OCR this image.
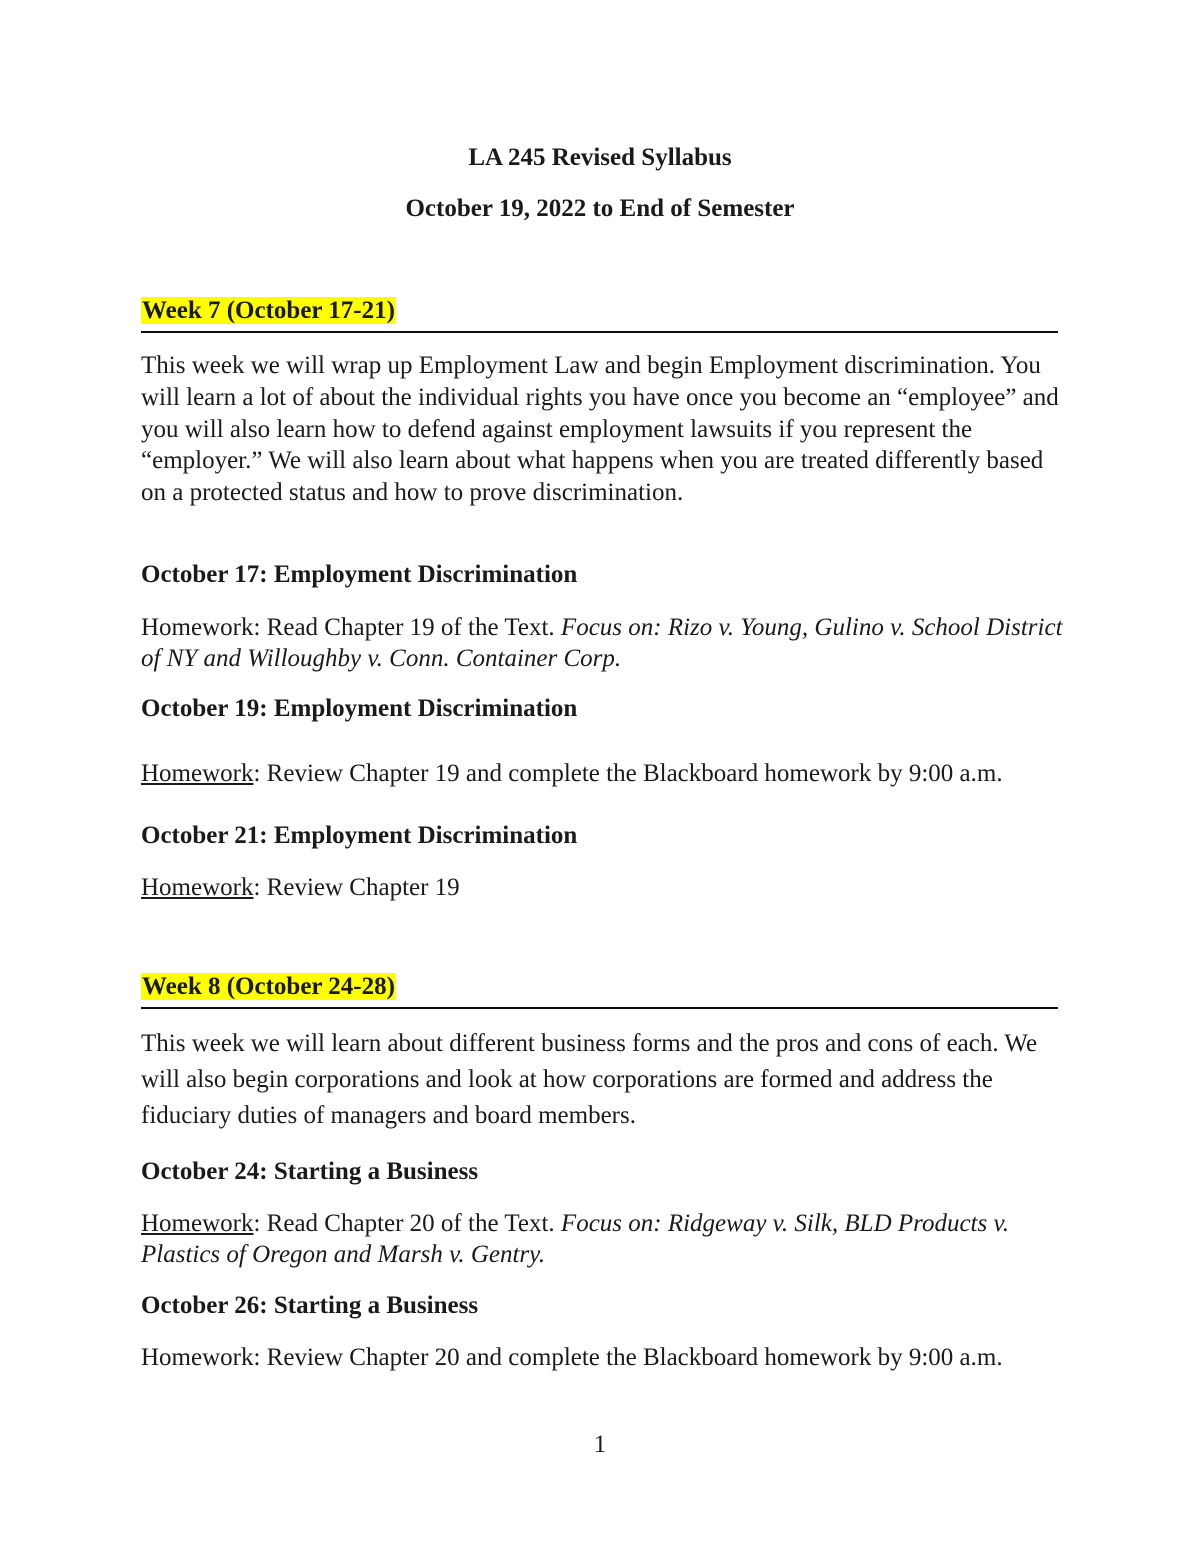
LA 245 Revised Syllabus

October 19, 2022 to End of Semester

Week 7 (October 17-21)

This week we will wrap up Employment Law and begin Employment discrimination. You will learn a lot of about the individual rights you have once you become an “employee” and you will also learn how to defend against employment lawsuits if you represent the “employer.” We will also learn about what happens when you are treated differently based on a protected status and how to prove discrimination.

October 17: Employment Discrimination

Homework: Read Chapter 19 of the Text. Focus on: Rizo v. Young, Gulino v. School District of NY and Willoughby v. Conn. Container Corp.

October 19: Employment Discrimination

Homework: Review Chapter 19 and complete the Blackboard homework by 9:00 a.m.

October 21: Employment Discrimination

Homework: Review Chapter 19

Week 8 (October 24-28)

This week we will learn about different business forms and the pros and cons of each. We will also begin corporations and look at how corporations are formed and address the fiduciary duties of managers and board members.

October 24: Starting a Business

Homework: Read Chapter 20 of the Text. Focus on: Ridgeway v. Silk, BLD Products v. Plastics of Oregon and Marsh v. Gentry.

October 26: Starting a Business

Homework: Review Chapter 20 and complete the Blackboard homework by 9:00 a.m.

1
